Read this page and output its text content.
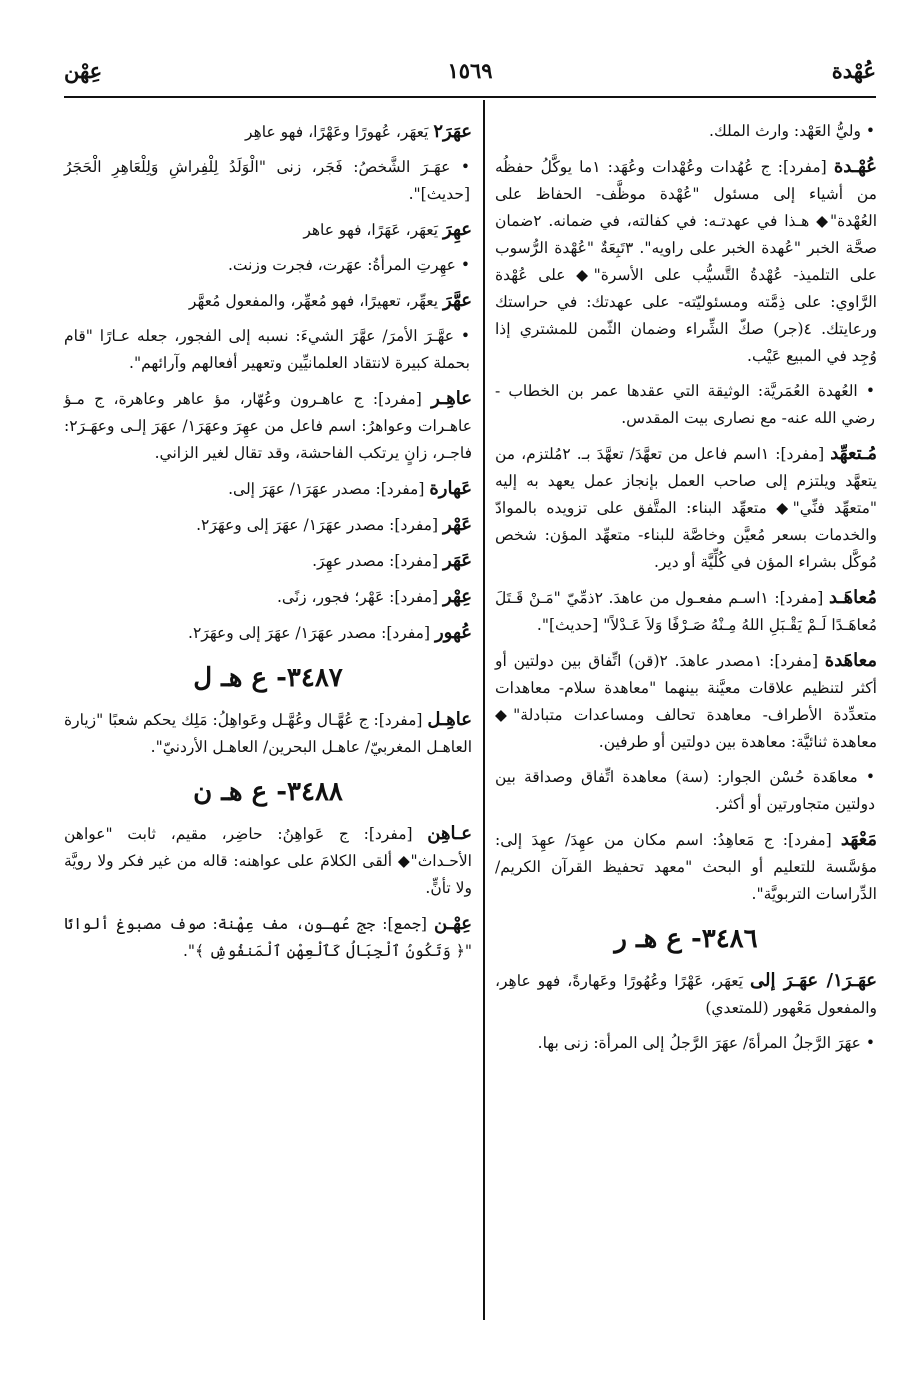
عُهْدة
١٥٦٩
عِهْن

• وليُّ العَهْد: وارث الملك.

عُهْـدة [مفرد]: ج عُهُدات وعُهْدات وعُهَد: ١ما يوكَّلُ حفظُه من أشياء إلى مسئول "عُهْدة موظَّف- الحفاظ على العُهْدة"◆ هـذا في عهدتـه: في كفالته، في ضمانه. ٢ضمان صحَّة الخبر "عُهدة الخبر على راويه". ٣تَبِعَةٌ "عُهْدة الرُّسوب على التلميذ- عُهْدةُ التَّسيُّب على الأسرة"◆ على عُهْدة الرَّاوي: على ذِمَّته ومسئوليّته- على عهدتك: في حراستك ورعايتك. ٤(جر) صكّ الشِّراء وضمان الثّمن للمشتري إذا وُجِد في المبيع عَيْب.

• العُهدة العُمَريَّة: الوثيقة التي عقدها عمر بن الخطاب - رضي الله عنه- مع نصارى بيت المقدس.

مُـتعهِّد [مفرد]: ١اسم فاعل من تعهَّدَ/ تعهَّدَ بـ. ٢مُلتزم، من يتعهَّد ويلتزم إلى صاحب العمل بإنجاز عمل يعهد به إليه "متعهِّد فنِّي"◆ متعهِّد البناء: المتَّفق على تزويده بالموادّ والخدمات بسعر مُعيَّن وخاصَّة للبناء- متعهِّد المؤن: شخص مُوكَّل بشراء المؤن في كُلِّيَّة أو دير.

مُعاهَـد [مفرد]: ١اسـم مفعـول من عاهدَ. ٢ذمِّيّ "مَـنْ قَـتَلَ مُعاهَـدًا لَـمْ يَقْـبَلِ اللهُ مِـنْهُ صَـرْفًا وَلاَ عَـدْلاً" [حديث]".

معاهَدة [مفرد]: ١مصدر عاهدَ. ٢(قن) اتِّفاق بين دولتين أو أكثر لتنظيم علاقات معيَّنة بينهما "معاهدة سلام- معاهدات متعدِّدة الأطراف- معاهدة تحالف ومساعدات متبادلة"◆ معاهدة ثنائيَّة: معاهدة بين دولتين أو طرفين.

• معاهَدة حُسْن الجوار: (سة) معاهدة اتِّفاق وصداقة بين دولتين متجاورتين أو أكثر.

مَعْهَد [مفرد]: ج مَعاهِدُ: اسم مكان من عهِدَ/ عهِدَ إلى: مؤسَّسة للتعليم أو البحث "معهد تحفيظ القرآن الكريم/ الدِّراسات التربويَّة".

٣٤٨٦- ع هـ ر

عهَـرَ١/ عهَـرَ إلى يَعهَر، عَهْرًا وعُهُورًا وعَهارةً، فهو عاهِر، والمفعول مَعْهور (للمتعدي)

• عهَرَ الرَّجلُ المرأةَ/ عهَرَ الرَّجلُ إلى المرأة: زنى بها.

عهَرَ٢ يَعهَر، عُهورًا وعَهْرًا، فهو عاهِر

• عهَـرَ الشَّخصُ: فَجَر، زنى "الْوَلَدُ لِلْفِراشِ وَلِلْعَاهِرِ الْحَجَرُ [حديث]".

عهِرَ يَعهَر، عَهَرًا، فهو عاهر

• عهِرتِ المرأةُ: عهَرت، فجرت وزنت.

عهَّرَ يعهِّر، تعهيرًا، فهو مُعهِّر، والمفعول مُعهَّر

• عهَّـرَ الأمرَ/ عهَّرَ الشيءَ: نسبه إلى الفجور، جعله عـارًا "قام بحملة كبيرة لانتقاد العلمانيِّين وتعهير أفعالهم وآرائهم".

عاهِـر [مفرد]: ج عاهـرون وعُهّار، مؤ عاهر وعاهرة، ج مـؤ عاهـرات وعواهرُ: اسم فاعل من عهِرَ وعهَرَ١/ عهَرَ إلـى وعهَـرَ٢: فاجـر، زانٍ يرتكب الفاحشة، وقد تقال لغير الزاني.

عَهارة [مفرد]: مصدر عهَرَ١/ عهَرَ إلى.

عَهْر [مفرد]: مصدر عهَرَ١/ عهَرَ إلى وعهَرَ٢.

عَهَر [مفرد]: مصدر عهِرَ.

عِهْر [مفرد]: عَهْر؛ فجور، زنًى.

عُهور [مفرد]: مصدر عهَرَ١/ عهَرَ إلى وعهَرَ٢.

٣٤٨٧- ع هـ ل

عاهِـل [مفرد]: ج عُهَّـال وعُهَّـل وعَواهِلُ: مَلِك يحكم شعبًا "زيارة العاهـل المغربيّ/ عاهـل البحرين/ العاهـل الأردنيّ".

٣٤٨٨- ع هـ ن

عـاهِن [مفرد]: ج عَواهِنُ: حاضِر، مقيم، ثابت "عواهن الأحـداث"◆ ألقى الكلامَ على عواهنه: قاله من غير فكر ولا رويَّة ولا تأنٍّ.

عِهْـن [جمع]: جج عُهـون، مف عِهْنة: صوف مصبوغ ألوانًا "﴿ وَتَكُونُ ٱلْجِبَالُ كَٱلْعِهْنِ ٱلْمَنفُوشِ ﴾".
